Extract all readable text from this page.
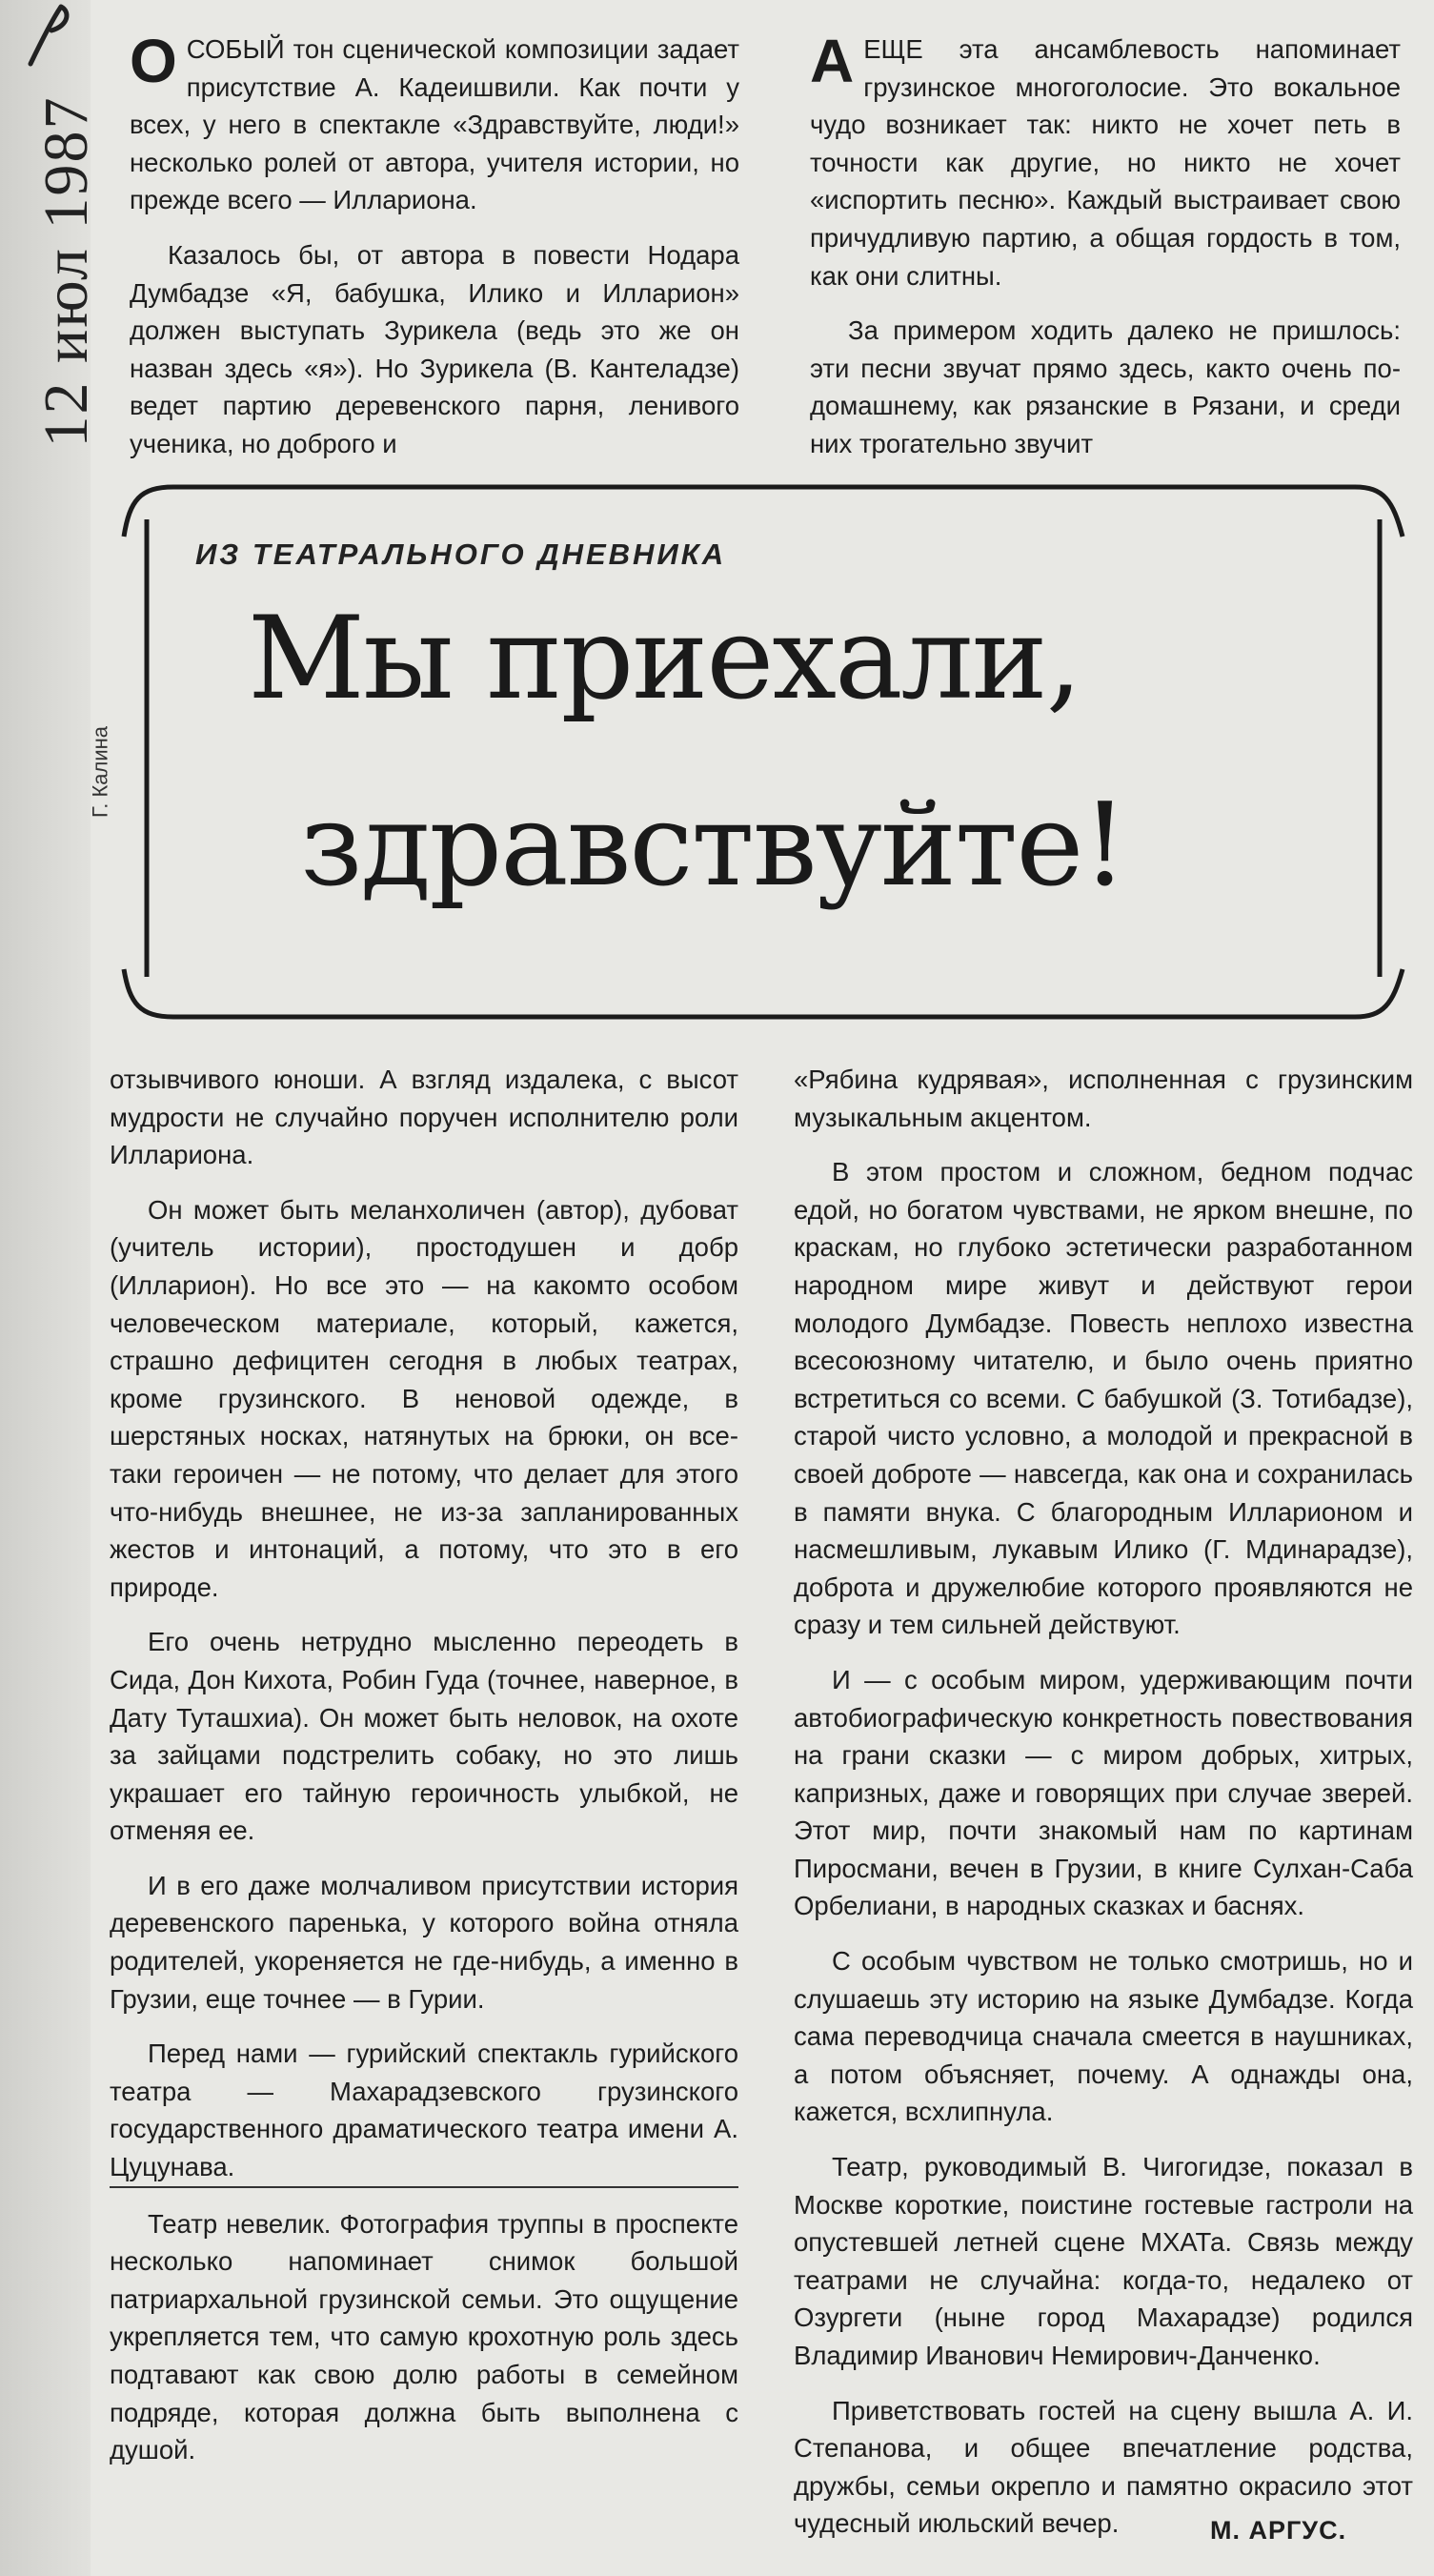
12 июл 1987
Г. Калина

ОСОБЫЙ тон сценической композиции задает присутствие А. Кадеишвили. Как почти у всех, у него в спектакле «Здравствуйте, люди!» несколько ролей от автора, учителя истории, но прежде всего — Иллариона.

Казалось бы, от автора в повести Нодара Думбадзе «Я, бабушка, Илико и Илларион» должен выступать Зурикела (ведь это же он назван здесь «я»). Но Зурикела (В. Кантеладзе) ведет партию деревенского парня, ленивого ученика, но доброго и

АЕЩЕ эта ансамблевость напоминает грузинское многоголосие. Это вокальное чудо возникает так: никто не хочет петь в точности как другие, но никто не хочет «испортить песню». Каждый выстраивает свою причудливую партию, а общая гордость в том, как они слитны.

За примером ходить далеко не пришлось: эти песни звучат прямо здесь, както очень по-домашнему, как рязанские в Рязани, и среди них трогательно звучит

ИЗ ТЕАТРАЛЬНОГО ДНЕВНИКА
Мы приехали,
здравствуйте!

отзывчивого юноши. А взгляд издалека, с высот мудрости не случайно поручен исполнителю роли Иллариона.

Он может быть меланхоличен (автор), дубоват (учитель истории), простодушен и добр (Илларион). Но все это — на какомто особом человеческом материале, который, кажется, страшно дефицитен сегодня в любых театрах, кроме грузинского. В неновой одежде, в шерстяных носках, натянутых на брюки, он все-таки героичен — не потому, что делает для этого что-нибудь внешнее, не из-за запланированных жестов и интонаций, а потому, что это в его природе.

Его очень нетрудно мысленно переодеть в Сида, Дон Кихота, Робин Гуда (точнее, наверное, в Дату Туташхиа). Он может быть неловок, на охоте за зайцами подстрелить собаку, но это лишь украшает его тайную героичность улыбкой, не отменяя ее.

И в его даже молчаливом присутствии история деревенского паренька, у которого война отняла родителей, укореняется не где-нибудь, а именно в Грузии, еще точнее — в Гурии.

Перед нами — гурийский спектакль гурийского театра — Махарадзевского грузинского государственного драматического театра имени А. Цуцунава.

Театр невелик. Фотография труппы в проспекте несколько напоминает снимок большой патриархальной грузинской семьи. Это ощущение укрепляется тем, что самую крохотную роль здесь подтавают как свою долю работы в семейном подряде, которая должна быть выполнена с душой.

«Рябина кудрявая», исполненная с грузинским музыкальным акцентом.

В этом простом и сложном, бедном подчас едой, но богатом чувствами, не ярком внешне, по краскам, но глубоко эстетически разработанном народном мире живут и действуют герои молодого Думбадзе. Повесть неплохо известна всесоюзному читателю, и было очень приятно встретиться со всеми. С бабушкой (З. Тотибадзе), старой чисто условно, а молодой и прекрасной в своей доброте — навсегда, как она и сохранилась в памяти внука. С благородным Илларионом и насмешливым, лукавым Илико (Г. Мдинарадзе), доброта и дружелюбие которого проявляются не сразу и тем сильней действуют.

И — с особым миром, удерживающим почти автобиографическую конкретность повествования на грани сказки — с миром добрых, хитрых, капризных, даже и говорящих при случае зверей. Этот мир, почти знакомый нам по картинам Пиросмани, вечен в Грузии, в книге Сулхан-Саба Орбелиани, в народных сказках и баснях.

С особым чувством не только смотришь, но и слушаешь эту историю на языке Думбадзе. Когда сама переводчица сначала смеется в наушниках, а потом объясняет, почему. А однажды она, кажется, всхлипнула.

Театр, руководимый В. Чигогидзе, показал в Москве короткие, поистине гостевые гастроли на опустевшей летней сцене МХАТа. Связь между театрами не случайна: когда-то, недалеко от Озургети (ныне город Махарадзе) родился Владимир Иванович Немирович-Данченко.

Приветствовать гостей на сцену вышла А. И. Степанова, и общее впечатление родства, дружбы, семьи окрепло и памятно окрасило этот чудесный июльский вечер.	М. АРГУС.
